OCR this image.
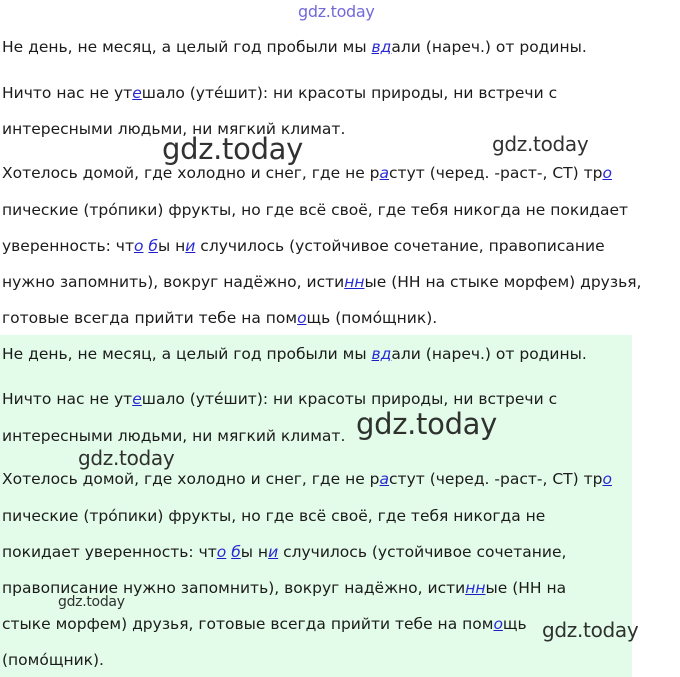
Не день, не месяц, а целый год пробыли мы вдали (нареч.) от родины.
Ничто нас не утешало (утéшит): ни красоты природы, ни встречи с
интересными людьми, ни мягкий климат.
Хотелось домой, где холодно и снег, где не растут (черед. -раст-, СТ) тро
пические (трóпики) фрукты, но где всё своё, где тебя никогда не покидает
уверенность: что бы ни случилось (устойчивое сочетание, правописание
нужно запомнить), вокруг надёжно, истинные (НН на стыке морфем) друзья,
готовые всегда прийти тебе на помощь (помóщник).
Не день, не месяц, а целый год пробыли мы вдали (нареч.) от родины.
Ничто нас не утешало (утéшит): ни красоты природы, ни встречи с
интересными людьми, ни мягкий климат.
Хотелось домой, где холодно и снег, где не растут (черед. -раст-, СТ) тро
пические (трóпики) фрукты, но где всё своё, где тебя никогда не
покидает уверенность: что бы ни случилось (устойчивое сочетание,
правописание нужно запомнить), вокруг надёжно, истинные (НН на
стыке морфем) друзья, готовые всегда прийти тебе на помощь
(помóщник).
gdz.today
gdz.today	gdz.today
gdz.today
gdz.today
gdz.today
gdz.today
